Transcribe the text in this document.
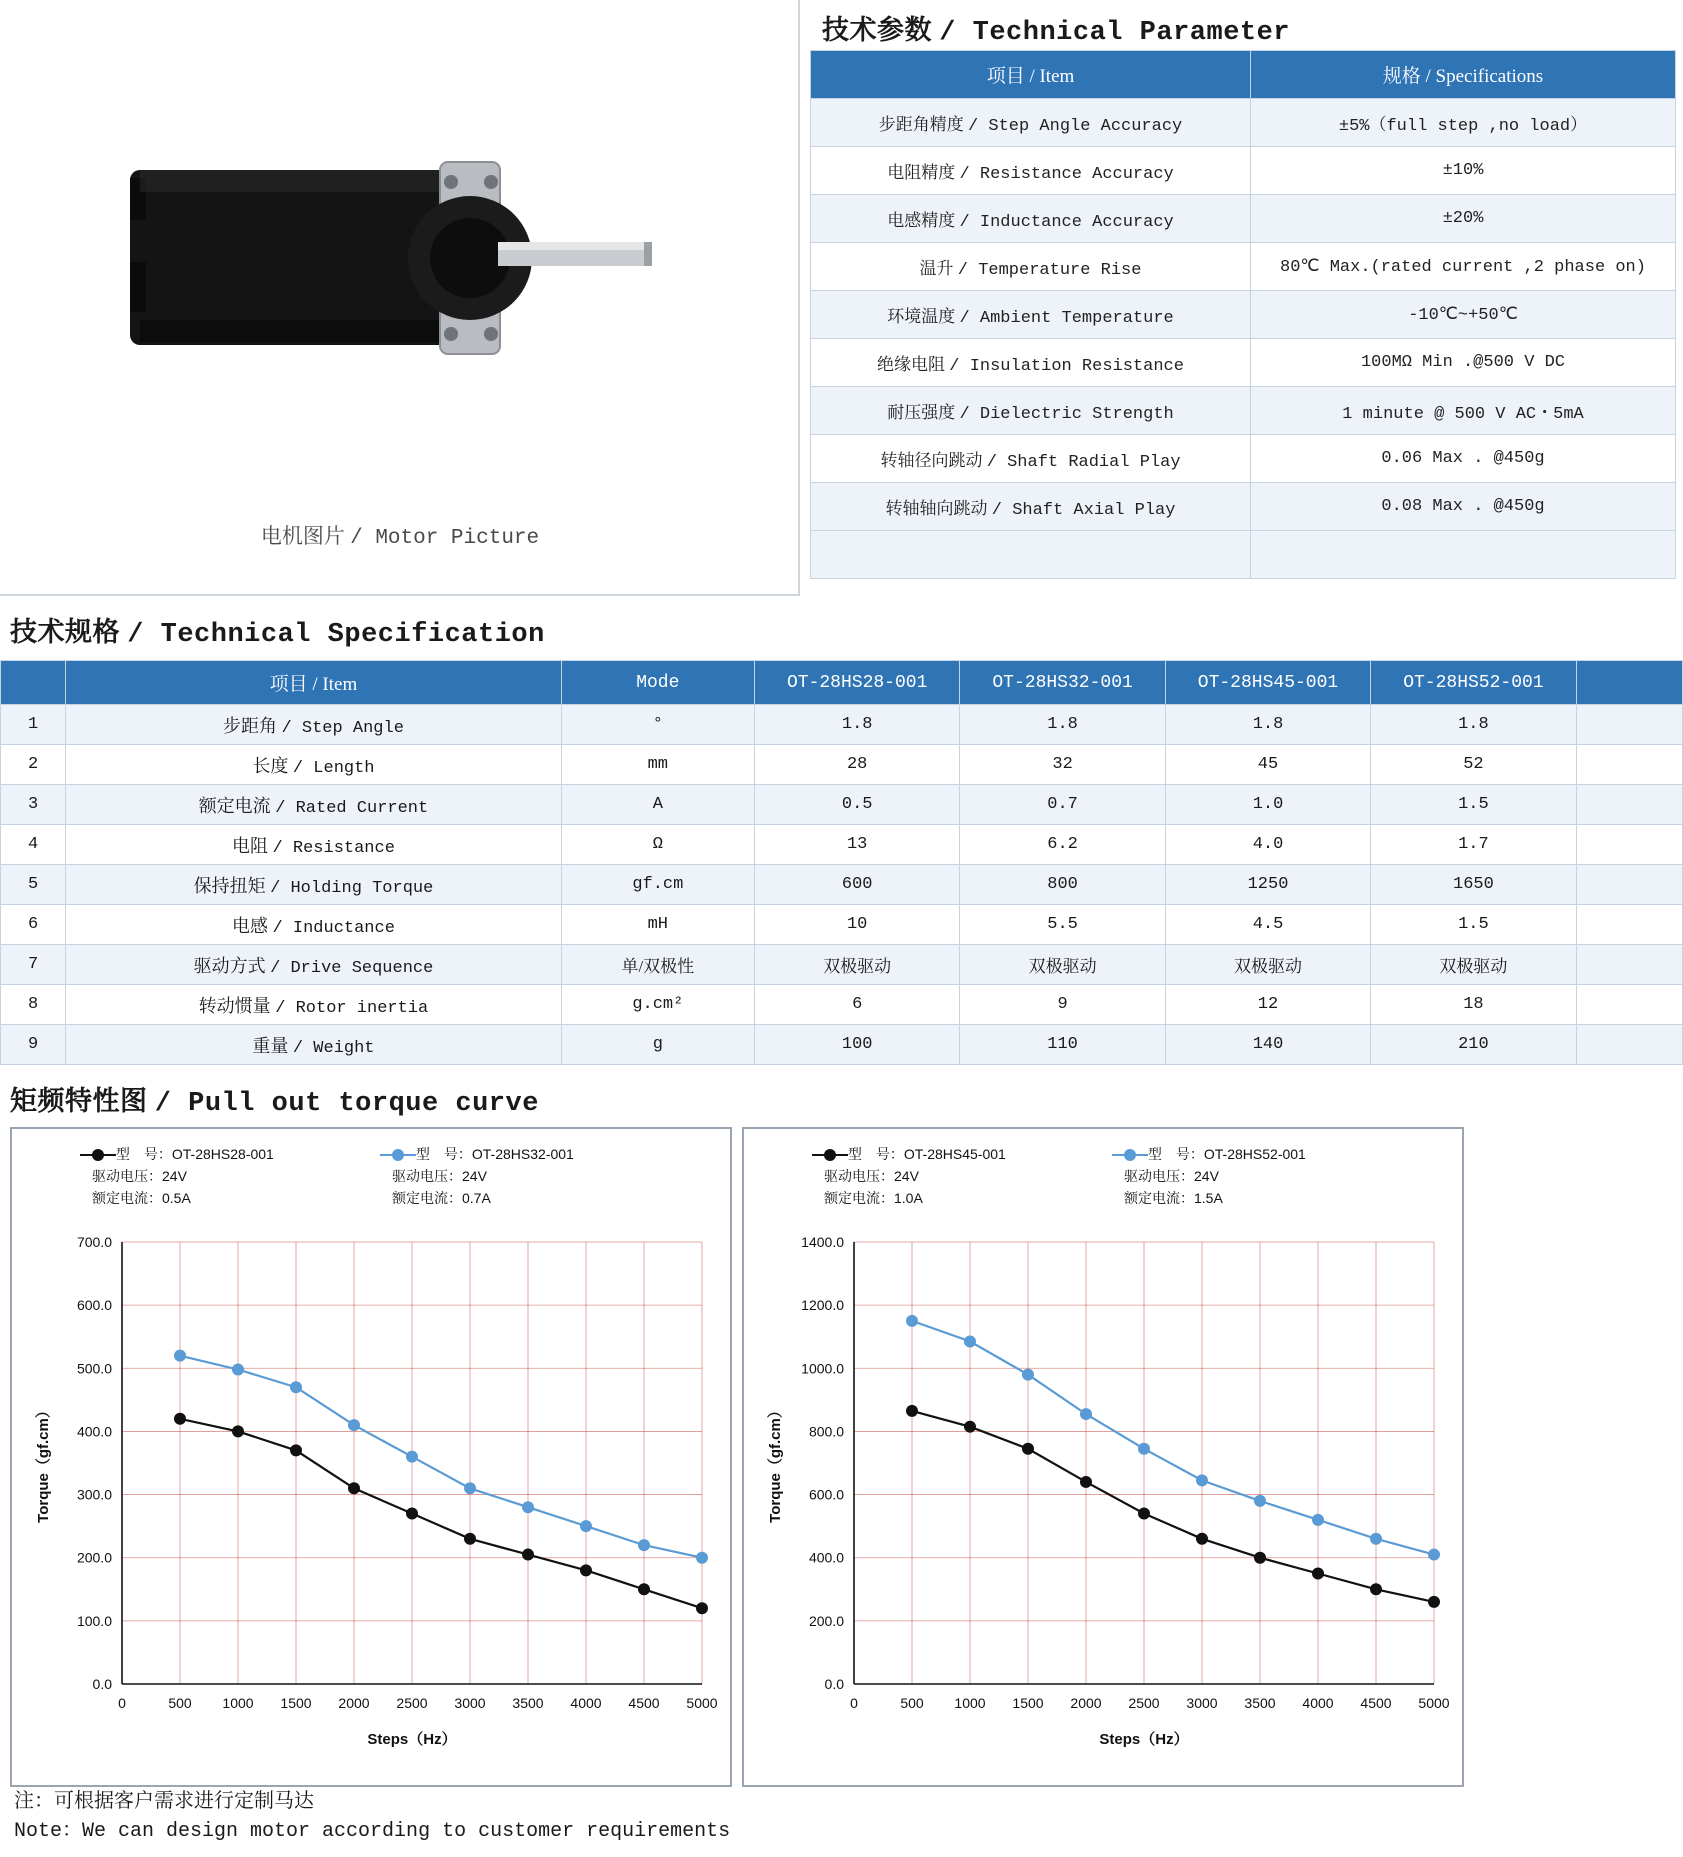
电机图片 / Motor Picture
技术参数 / Technical Parameter
项目 / Item	规格 / Specifications
步距角精度 / Step Angle Accuracy	±5%（full step ,no load）
电阻精度 / Resistance Accuracy	±10%
电感精度 / Inductance Accuracy	±20%
温升 / Temperature Rise	80℃ Max.(rated current ,2 phase on)
环境温度 / Ambient Temperature	-10℃~+50℃
绝缘电阻 / Insulation Resistance	100MΩ Min .@500 V DC
耐压强度 / Dielectric Strength	1 minute @ 500 V AC・5mA
转轴径向跳动 / Shaft Radial Play	0.06 Max . @450g
转轴轴向跳动 / Shaft Axial Play	0.08 Max . @450g

技术规格 / Technical Specification
	项目 / Item	Mode	OT-28HS28-001	OT-28HS32-001	OT-28HS45-001	OT-28HS52-001	
1	步距角 / Step Angle	°	1.8	1.8	1.8	1.8	
2	长度 / Length	mm	28	32	45	52	
3	额定电流 / Rated Current	A	0.5	0.7	1.0	1.5	
4	电阻 / Resistance	Ω	13	6.2	4.0	1.7	
5	保持扭矩 / Holding Torque	gf.cm	600	800	1250	1650	
6	电感 / Inductance	mH	10	5.5	4.5	1.5	
7	驱动方式 / Drive Sequence	单/双极性	双极驱动	双极驱动	双极驱动	双极驱动	
8	转动惯量 / Rotor inertia	g.cm²	6	9	12	18	
9	重量 / Weight	g	100	110	140	210	
矩频特性图 / Pull out torque curve
型　号：OT-28HS28-001
驱动电压：24V
额定电流：0.5A
型　号：OT-28HS32-001
驱动电压：24V
额定电流：0.7A
0.0
100.0
200.0
300.0
400.0
500.0
600.0
700.0
0	500 1000 1500 2000 2500 3000 3500 4000 4500 5000
Steps（Hz）
Torque（gf.cm）
型　号：OT-28HS45-001
驱动电压：24V
额定电流：1.0A
型　号：OT-28HS52-001
驱动电压：24V
额定电流：1.5A
0.0
200.0
400.0
600.0
800.0
1000.0
1200.0
1400.0
0	500 1000 1500 2000 2500 3000 3500 4000 4500 5000
Steps（Hz）
Torque（gf.cm）
注：可根据客户需求进行定制马达
Note：We can design motor according to customer requirements
